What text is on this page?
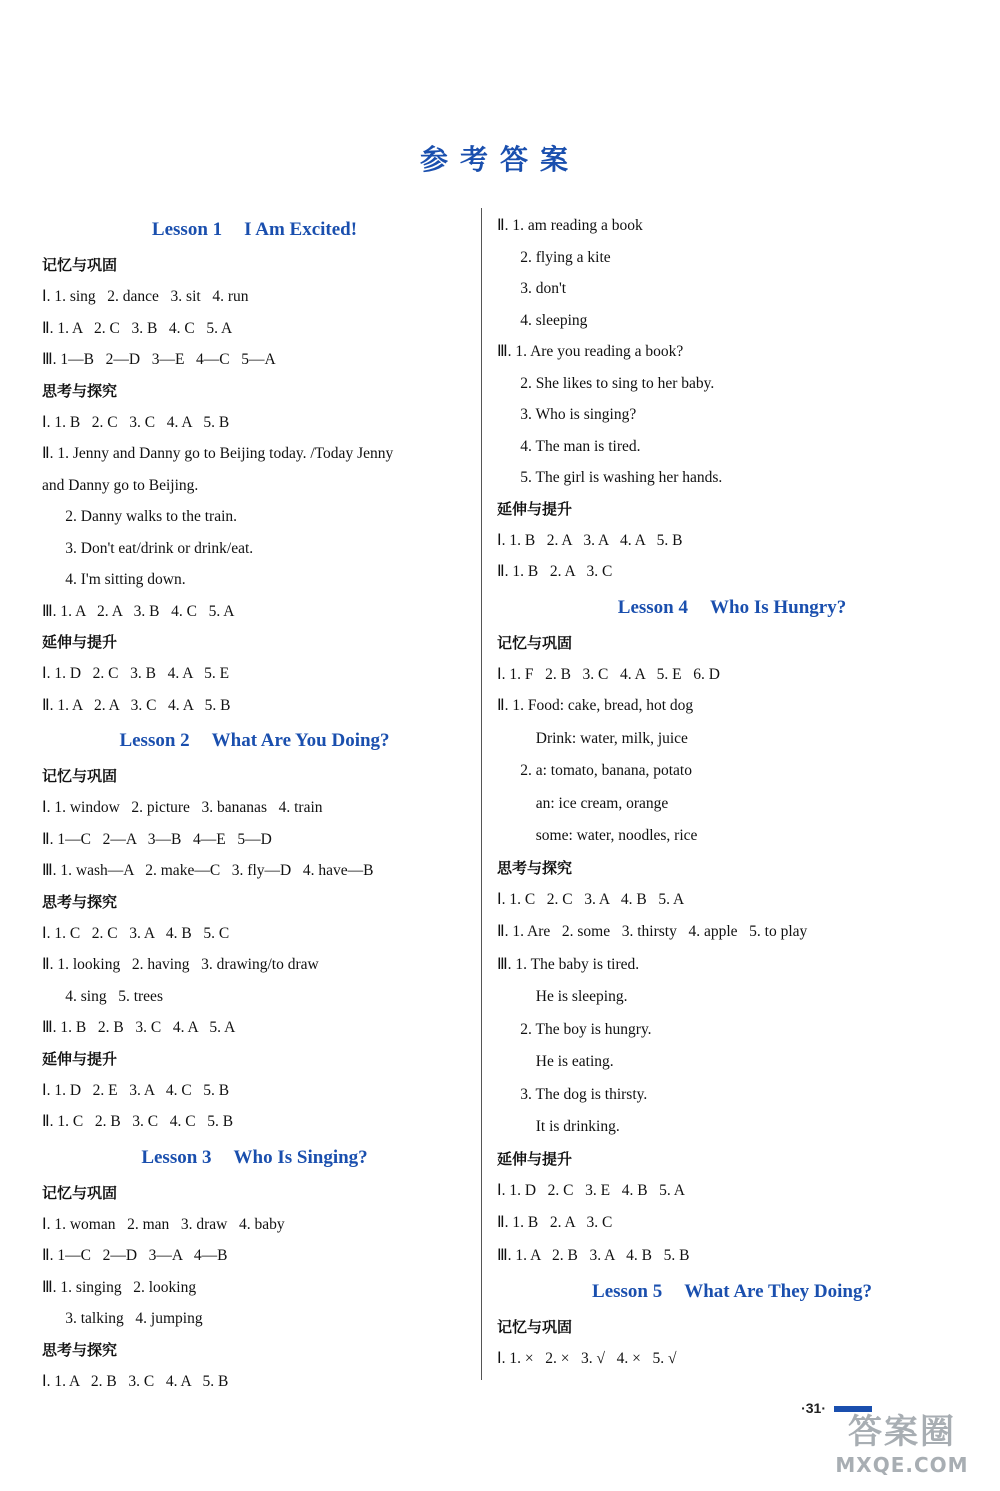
参考答案
Lesson 1 I Am Excited!
记忆与巩固
Ⅰ. 1. sing   2. dance   3. sit   4. run
Ⅱ. 1. A   2. C   3. B   4. C   5. A
Ⅲ. 1—B   2—D   3—E   4—C   5—A
思考与探究
Ⅰ. 1. B   2. C   3. C   4. A   5. B
Ⅱ. 1. Jenny and Danny go to Beijing today. /Today Jenny
and Danny go to Beijing.
2. Danny walks to the train.
3. Don't eat/drink or drink/eat.
4. I'm sitting down.
Ⅲ. 1. A   2. A   3. B   4. C   5. A
延伸与提升
Ⅰ. 1. D   2. C   3. B   4. A   5. E
Ⅱ. 1. A   2. A   3. C   4. A   5. B
Lesson 2 What Are You Doing?
记忆与巩固
Ⅰ. 1. window   2. picture   3. bananas   4. train
Ⅱ. 1—C   2—A   3—B   4—E   5—D
Ⅲ. 1. wash—A   2. make—C   3. fly—D   4. have—B
思考与探究
Ⅰ. 1. C   2. C   3. A   4. B   5. C
Ⅱ. 1. looking   2. having   3. drawing/to draw
4. sing   5. trees
Ⅲ. 1. B   2. B   3. C   4. A   5. A
延伸与提升
Ⅰ. 1. D   2. E   3. A   4. C   5. B
Ⅱ. 1. C   2. B   3. C   4. C   5. B
Lesson 3 Who Is Singing?
记忆与巩固
Ⅰ. 1. woman   2. man   3. draw   4. baby
Ⅱ. 1—C   2—D   3—A   4—B
Ⅲ. 1. singing   2. looking
3. talking   4. jumping
思考与探究
Ⅰ. 1. A   2. B   3. C   4. A   5. B
Ⅱ. 1. am reading a book
2. flying a kite
3. don't
4. sleeping
Ⅲ. 1. Are you reading a book?
2. She likes to sing to her baby.
3. Who is singing?
4. The man is tired.
5. The girl is washing her hands.
延伸与提升
Ⅰ. 1. B   2. A   3. A   4. A   5. B
Ⅱ. 1. B   2. A   3. C
Lesson 4 Who Is Hungry?
记忆与巩固
Ⅰ. 1. F   2. B   3. C   4. A   5. E   6. D
Ⅱ. 1. Food: cake, bread, hot dog
Drink: water, milk, juice
2. a: tomato, banana, potato
an: ice cream, orange
some: water, noodles, rice
思考与探究
Ⅰ. 1. C   2. C   3. A   4. B   5. A
Ⅱ. 1. Are   2. some   3. thirsty   4. apple   5. to play
Ⅲ. 1. The baby is tired.
He is sleeping.
2. The boy is hungry.
He is eating.
3. The dog is thirsty.
It is drinking.
延伸与提升
Ⅰ. 1. D   2. C   3. E   4. B   5. A
Ⅱ. 1. B   2. A   3. C
Ⅲ. 1. A   2. B   3. A   4. B   5. B
Lesson 5 What Are They Doing?
记忆与巩固
Ⅰ. 1. ×   2. ×   3. √   4. ×   5. √
·31·
答案圈
MXQE.COM
